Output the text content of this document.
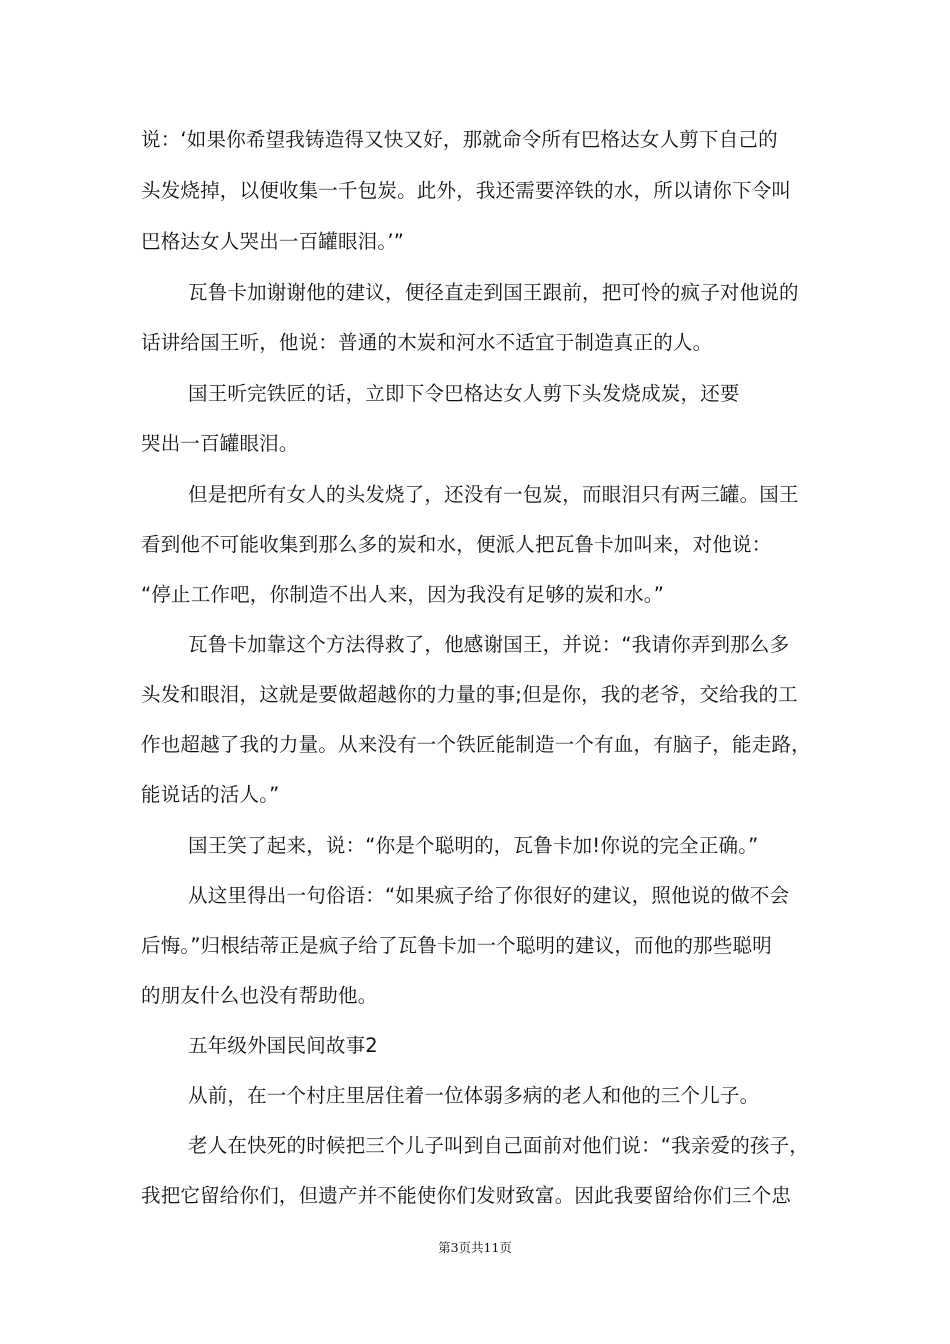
说：‘如果你希望我铸造得又快又好，那就命令所有巴格达女人剪下自己的
头发烧掉，以便收集一千包炭。此外，我还需要淬铁的水，所以请你下令叫
巴格达女人哭出一百罐眼泪。’”
瓦鲁卡加谢谢他的建议，便径直走到国王跟前，把可怜的疯子对他说的
话讲给国王听，他说：普通的木炭和河水不适宜于制造真正的人。
国王听完铁匠的话，立即下令巴格达女人剪下头发烧成炭，还要
哭出一百罐眼泪。
但是把所有女人的头发烧了，还没有一包炭，而眼泪只有两三罐。国王
看到他不可能收集到那么多的炭和水，便派人把瓦鲁卡加叫来，对他说：
“停止工作吧，你制造不出人来，因为我没有足够的炭和水。”
瓦鲁卡加靠这个方法得救了，他感谢国王，并说：“我请你弄到那么多
头发和眼泪，这就是要做超越你的力量的事;但是你，我的老爷，交给我的工
作也超越了我的力量。从来没有一个铁匠能制造一个有血，有脑子，能走路，
能说话的活人。”
国王笑了起来，说：“你是个聪明的，瓦鲁卡加!你说的完全正确。”
从这里得出一句俗语：“如果疯子给了你很好的建议，照他说的做不会
后悔。”归根结蒂正是疯子给了瓦鲁卡加一个聪明的建议，而他的那些聪明
的朋友什么也没有帮助他。
五年级外国民间故事2
从前，在一个村庄里居住着一位体弱多病的老人和他的三个儿子。
老人在快死的时候把三个儿子叫到自己面前对他们说：“我亲爱的孩子，
我把它留给你们，但遗产并不能使你们发财致富。因此我要留给你们三个忠
第3页共11页
